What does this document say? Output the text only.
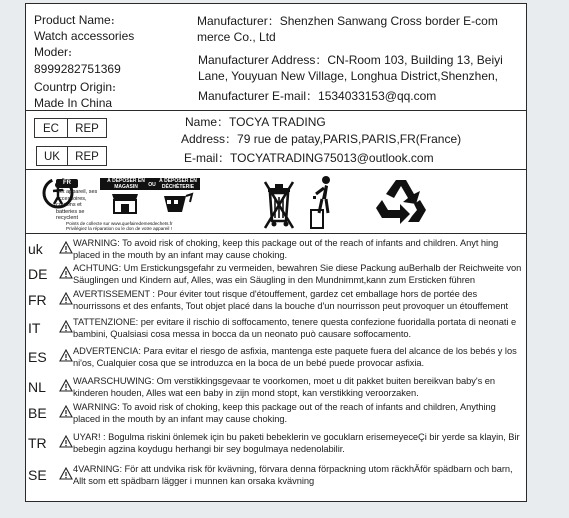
Product Name։
Watch accessories
Moder։
8999282751369
Countrp Origin։
Made In China
Manufacturer：Shenzhen Sanwang Cross border E-com
merce Co., Ltd
Manufacturer Address：CN-Room 103, Building 13, Beiyi
Lane, Youyuan New Village, Longhua District,Shenzhen,
Manufacturer E-mail：1534033153@qq.com
EC	REP
UK	REP
Name：TOCYA TRADING
Address：79 rue de patay,PARIS,PARIS,FR(France)
E-mail：TOCYATRADING75013@outlook.com
FR
Cet appareil, ses accessoires, cordons et batteries se recyclent
À DÉPOSER EN MAGASIN	OU
À DÉPOSER EN DÉCHÈTERIE
Points de collecte sur www.quefairedemesdechets.fr
Privilégiez la réparation ou le don de votre appareil !
uk	WARNING: To avoid risk of choking, keep this package out of the reach of infants and children. Anyt hing placed in the mouth by an infant may cause choking.
DE	ACHTUNG: Um Erstickungsgefahr zu vermeiden, bewahren Sie diese Packung auBerhalb der Reichweite von Säuglingen und Kindern auf, Alles, was ein Säugling in den Mundnimmt,kann zum Ersticken führen
FR	AVERTISSEMENT : Pour éviter tout risque d'étouffement, gardez cet emballage hors de portée des nourrissons et des enfants, Tout objet placé dans la bouche d'un nourrisson peut provoquer un étouffement
IT	TATTENZIONE: per evitare il rischio di soffocamento, tenere questa confezione fuoridalla portata di neonati e bambini, Qualsiasi cosa messa in bocca da un neonato può causare soffocamento.
ES	ADVERTENCIA: Para evitar el riesgo de asfixia, mantenga este paquete fuera del alcance de los bebés y los ni'os, Cualquier cosa que se introduzca en la boca de un bebé puede provocar asfixia.
NL	WAARSCHUWING: Om verstikkingsgevaar te voorkomen, moet u dit pakket buiten bereikvan baby's en kinderen houden, Alles wat een baby in zijn mond stopt, kan verstikking veroorzaken.
BE	WARNING: To avoid risk of choking, keep this package out of the reach of infants and children, Anything placed in the mouth by an infant may cause choking.
TR	UYAR! : Bogulma riskini önlemek için bu paketi bebeklerin ve gocuklarn erisemeyeceÇi bir yerde sa klayin, Bir bebegin agzina koydugu herhangi bir sey bogulmaya nedenolabilir.
SE	4VARNING: För att undvika risk för kvävning, förvara denna förpackning utom räckhÄför spädbarn och barn, Allt som ett spädbarn lägger i munnen kan orsaka kvävning
